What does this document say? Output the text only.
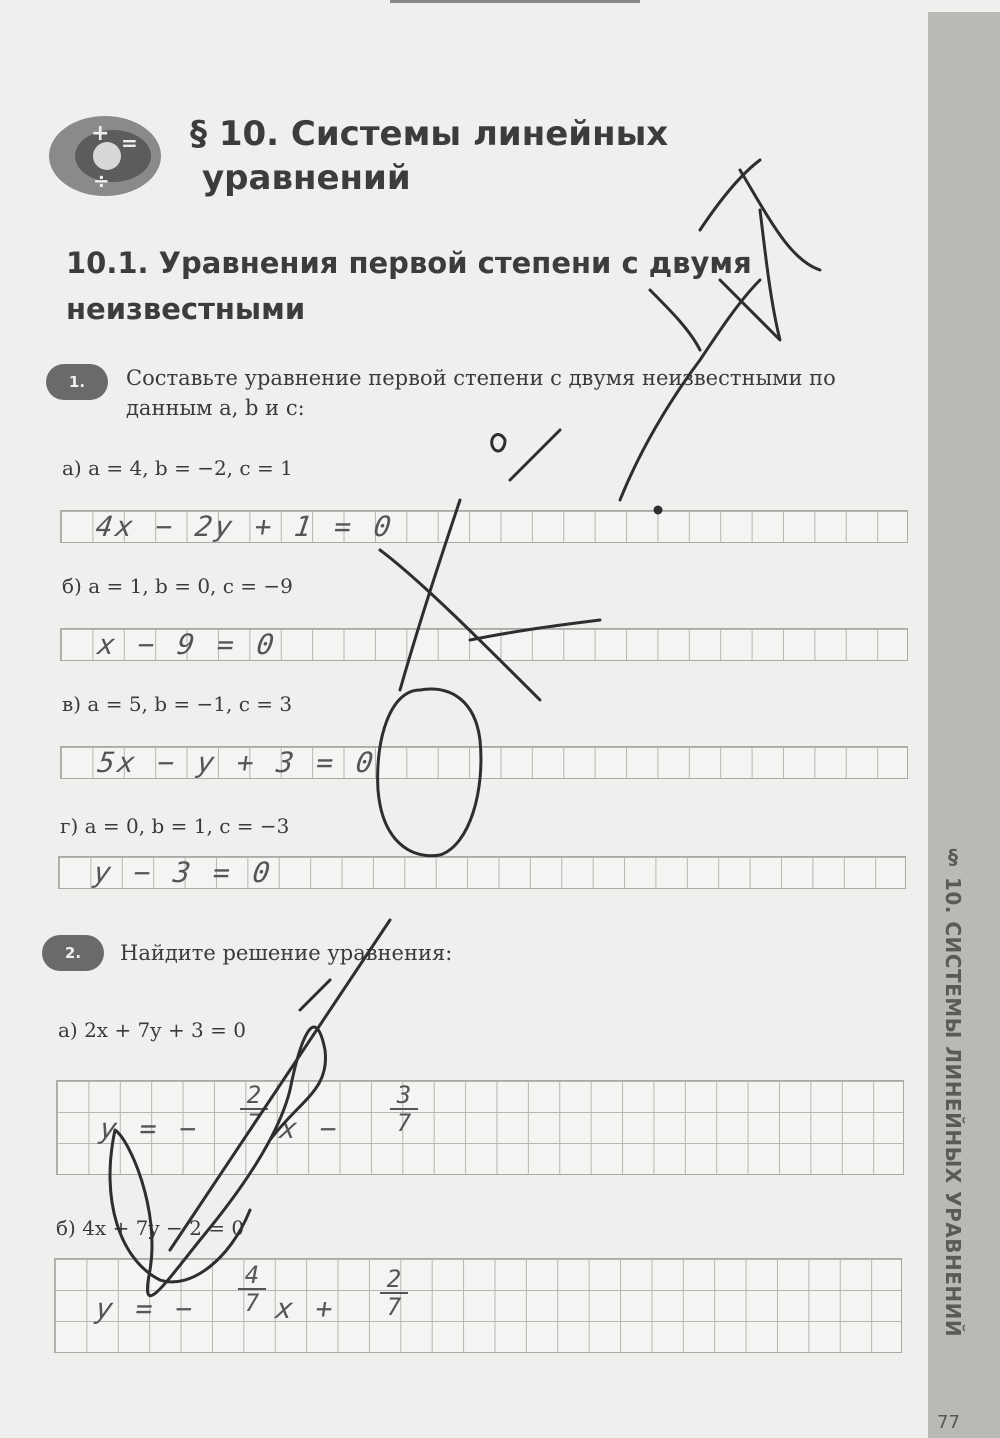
§ 10. СИСТЕМЫ ЛИНЕЙНЫХ УРАВНЕНИЙ
77
+ =
÷
§ 10. Системы линейных
уравнений
10.1. Уравнения первой степени с двумя неизвестными
1.	Составьте уравнение первой степени с двумя неизвестными по данным a, b и c:
а) a = 4, b = −2, c = 1
4x − 2y + 1 = 0
б) a = 1, b = 0, c = −9
x − 9 = 0
в) a = 5, b = −1, c = 3
5x − y + 3 = 0
г) a = 0, b = 1, c = −3
y − 3 = 0
2.	Найдите решение уравнения:
а) 2x + 7y + 3 = 0
y = − $\frac{2}{7}$ $x - \frac{3}{7}$
б) 4x + 7y − 2 = 0
y = − $\frac{4}{7}$ $x + \frac{2}{7}$
